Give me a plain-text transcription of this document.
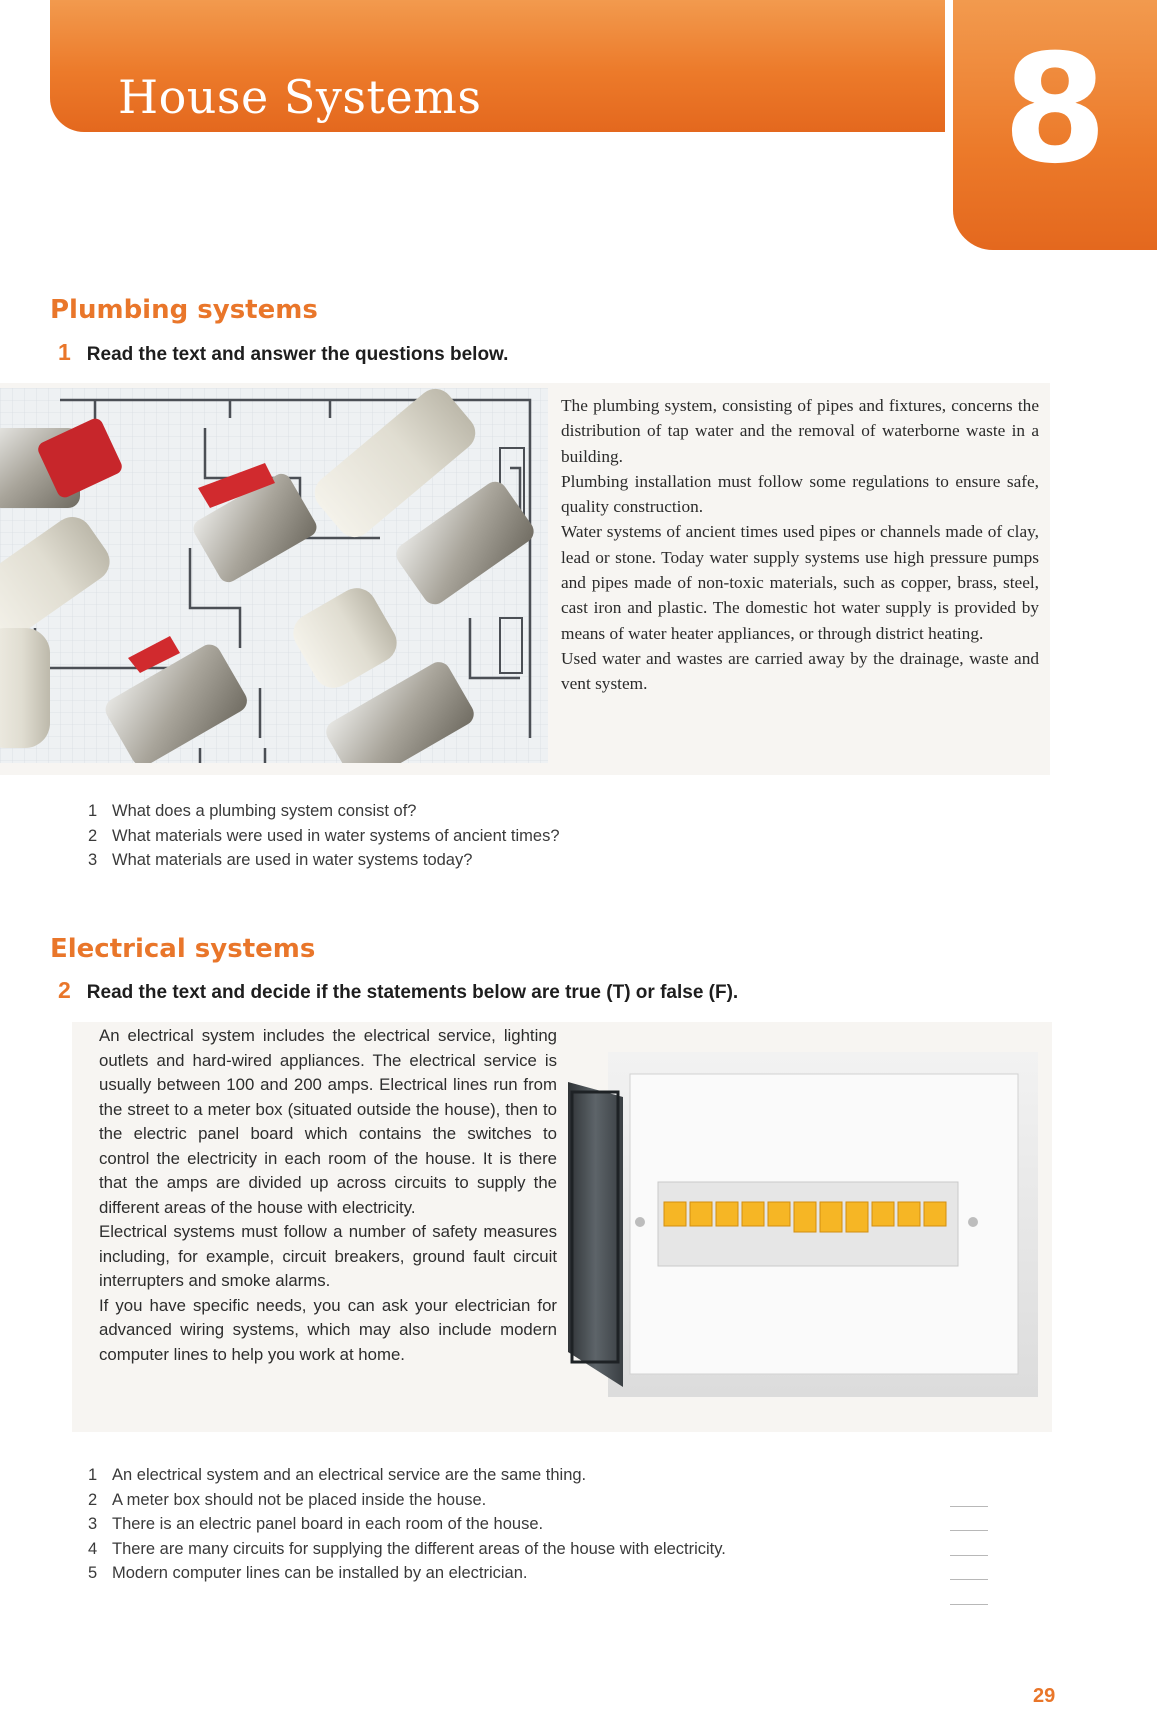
House Systems	8
Plumbing systems
1 Read the text and answer the questions below.

The plumbing system, consisting of pipes and fixtures, concerns the distribution of tap water and the removal of waterborne waste in a building.

Plumbing installation must follow some regulations to ensure safe, quality construction.

Water systems of ancient times used pipes or channels made of clay, lead or stone. Today water supply systems use high pressure pumps and pipes made of non-toxic materials, such as copper, brass, steel, cast iron and plastic. The domestic hot water supply is provided by means of water heater appliances, or through district heating.

Used water and wastes are carried away by the drainage, waste and vent system.

1 What does a plumbing system consist of?
2 What materials were used in water systems of ancient times?
3 What materials are used in water systems today?
Electrical systems
2 Read the text and decide if the statements below are true (T) or false (F).

An electrical system includes the electrical service, lighting outlets and hard-wired appliances. The electrical service is usually between 100 and 200 amps. Electrical lines run from the street to a meter box (situated outside the house), then to the electric panel board which contains the switches to control the electricity in each room of the house. It is there that the amps are divided up across circuits to supply the different areas of the house with electricity.

Electrical systems must follow a number of safety measures including, for example, circuit breakers, ground fault circuit interrupters and smoke alarms.

If you have specific needs, you can ask your electrician for advanced wiring systems, which may also include modern computer lines to help you work at home.

1 An electrical system and an electrical service are the same thing.
2 A meter box should not be placed inside the house.
3 There is an electric panel board in each room of the house.
4 There are many circuits for supplying the different areas of the house with electricity.
5 Modern computer lines can be installed by an electrician.
29
